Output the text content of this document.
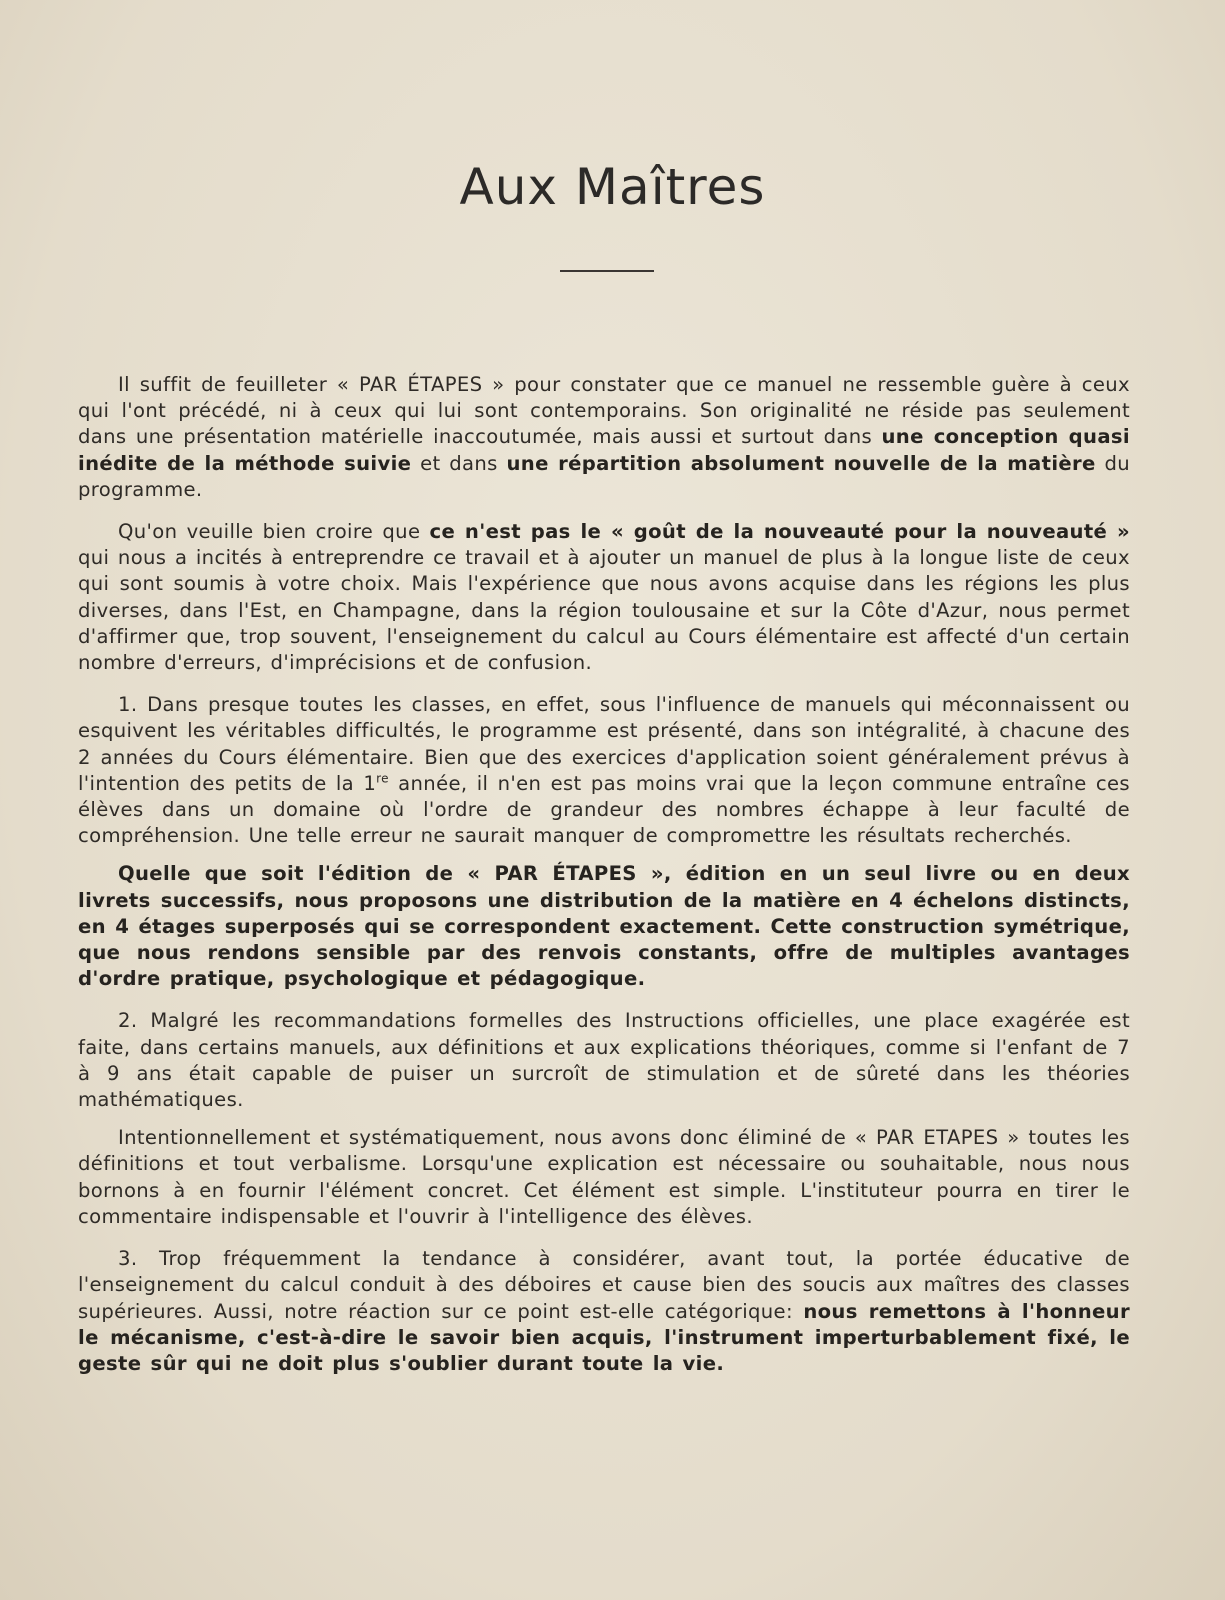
Aux Maîtres

Il suffit de feuilleter « PAR ÉTAPES » pour constater que ce manuel ne ressemble guère à ceux qui l'ont précédé, ni à ceux qui lui sont contemporains. Son originalité ne réside pas seulement dans une présentation matérielle inaccoutumée, mais aussi et surtout dans une conception quasi inédite de la méthode suivie et dans une répartition absolument nouvelle de la matière du programme.

Qu'on veuille bien croire que ce n'est pas le « goût de la nouveauté pour la nouveauté » qui nous a incités à entreprendre ce travail et à ajouter un manuel de plus à la longue liste de ceux qui sont soumis à votre choix. Mais l'expérience que nous avons acquise dans les régions les plus diverses, dans l'Est, en Champagne, dans la région toulousaine et sur la Côte d'Azur, nous permet d'affirmer que, trop souvent, l'enseignement du calcul au Cours élémentaire est affecté d'un certain nombre d'erreurs, d'imprécisions et de confusion.

1. Dans presque toutes les classes, en effet, sous l'influence de manuels qui méconnaissent ou esquivent les véritables difficultés, le programme est présenté, dans son intégralité, à chacune des 2 années du Cours élémentaire. Bien que des exercices d'application soient généralement prévus à l'intention des petits de la 1re année, il n'en est pas moins vrai que la leçon commune entraîne ces élèves dans un domaine où l'ordre de grandeur des nombres échappe à leur faculté de compréhension. Une telle erreur ne saurait manquer de compromettre les résultats recherchés.

Quelle que soit l'édition de « PAR ÉTAPES », édition en un seul livre ou en deux livrets successifs, nous proposons une distribution de la matière en 4 échelons distincts, en 4 étages superposés qui se correspondent exactement. Cette construction symétrique, que nous rendons sensible par des renvois constants, offre de multiples avantages d'ordre pratique, psychologique et pédagogique.

2. Malgré les recommandations formelles des Instructions officielles, une place exagérée est faite, dans certains manuels, aux définitions et aux explications théoriques, comme si l'enfant de 7 à 9 ans était capable de puiser un surcroît de stimulation et de sûreté dans les théories mathématiques.

Intentionnellement et systématiquement, nous avons donc éliminé de « PAR ETAPES » toutes les définitions et tout verbalisme. Lorsqu'une explication est nécessaire ou souhaitable, nous nous bornons à en fournir l'élément concret. Cet élément est simple. L'instituteur pourra en tirer le commentaire indispensable et l'ouvrir à l'intelligence des élèves.

3. Trop fréquemment la tendance à considérer, avant tout, la portée éducative de l'enseignement du calcul conduit à des déboires et cause bien des soucis aux maîtres des classes supérieures. Aussi, notre réaction sur ce point est-elle catégorique: nous remettons à l'honneur le mécanisme, c'est-à-dire le savoir bien acquis, l'instrument imperturbablement fixé, le geste sûr qui ne doit plus s'oublier durant toute la vie.
